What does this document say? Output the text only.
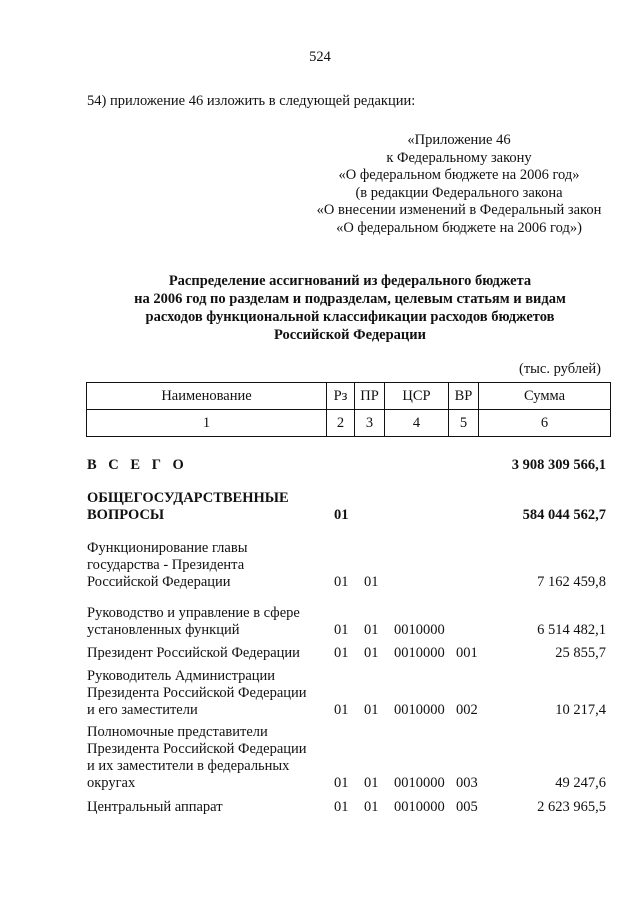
524
54) приложение 46 изложить в следующей редакции:
«Приложение 46
к Федеральному закону
«О федеральном бюджете на 2006 год»
(в редакции Федерального закона
«О внесении изменений в Федеральный закон
«О федеральном бюджете на 2006 год»)
Распределение ассигнований из федерального бюджета
на 2006 год по разделам и подразделам, целевым статьям и видам
расходов функциональной классификации расходов бюджетов
Российской Федерации
(тыс. рублей)
Наименование	Рз	ПР	ЦСР	ВР	Сумма
1	2	3	4	5	6
В С Е Г О	3 908 309 566,1
ОБЩЕГОСУДАРСТВЕННЫЕ
ВОПРОСЫ	01	584 044 562,7
Функционирование главы
государства - Президента
Российской Федерации	01	01	7 162 459,8
Руководство и управление в сфере
установленных функций	01	01	0010000	6 514 482,1
Президент Российской Федерации	01	01	0010000 001	25 855,7
Руководитель Администрации
Президента Российской Федерации
и его заместители	01	01	0010000 002	10 217,4
Полномочные представители
Президента Российской Федерации
и их заместители в федеральных
округах	01	01	0010000 003	49 247,6
Центральный аппарат	01	01	0010000 005	2 623 965,5
